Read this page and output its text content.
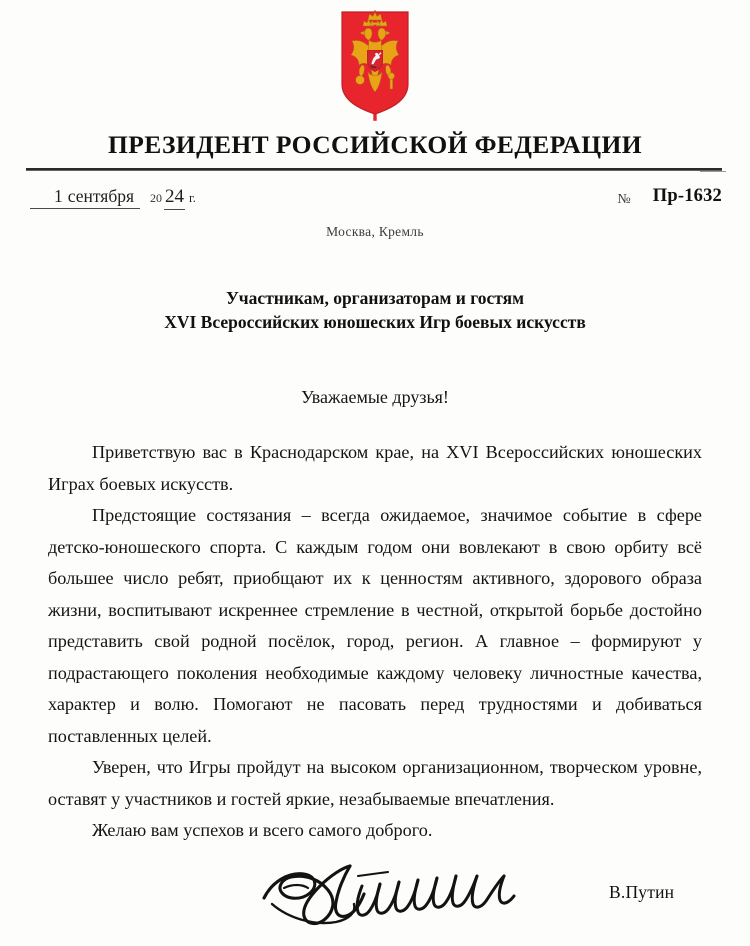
ПРЕЗИДЕНТ РОССИЙСКОЙ ФЕДЕРАЦИИ
1 сентября 20 24 г.	№ Пр-1632
Москва, Кремль
Участникам, организаторам и гостям
XVI Всероссийских юношеских Игр боевых искусств
Уважаемые друзья!

Приветствую вас в Краснодарском крае, на XVI Всероссийских юношеских Играх боевых искусств.

Предстоящие состязания – всегда ожидаемое, значимое событие в сфере детско-юношеского спорта. С каждым годом они вовлекают в свою орбиту всё большее число ребят, приобщают их к ценностям активного, здорового образа жизни, воспитывают искреннее стремление в честной, открытой борьбе достойно представить свой родной посёлок, город, регион. А главное – формируют у подрастающего поколения необходимые каждому человеку личностные качества, характер и волю. Помогают не пасовать перед трудностями и добиваться поставленных целей.

Уверен, что Игры пройдут на высоком организационном, творческом уровне, оставят у участников и гостей яркие, незабываемые впечатления.

Желаю вам успехов и всего самого доброго.

В.Путин
